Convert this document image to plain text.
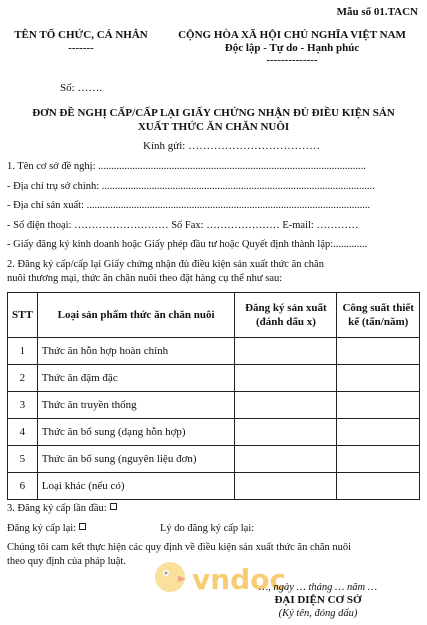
Mẫu số 01.TACN
TÊN TỔ CHỨC, CÁ NHÂN
-------
CỘNG HÒA XÃ HỘI CHỦ NGHĨA VIỆT NAM
Độc lập - Tự do - Hạnh phúc
--------------
Số: …….
ĐƠN ĐỀ NGHỊ CẤP/CẤP LẠI GIẤY CHỨNG NHẬN ĐỦ ĐIỀU KIỆN SẢN
XUẤT THỨC ĂN CHĂN NUÔI
Kính gửi: ………………………………
1. Tên cơ sở đề nghị: ......................................................................................................
- Địa chỉ trụ sở chính: ........................................................................................................
- Địa chỉ sản xuất: ............................................................................................................
- Số điện thoại: ……………………… Số Fax: ………………… E-mail: …………
- Giấy đăng ký kinh doanh hoặc Giấy phép đầu tư hoặc Quyết định thành lập:.............
2. Đăng ký cấp/cấp lại Giấy chứng nhận đủ điều kiện sản xuất thức ăn chăn
nuôi thương mại, thức ăn chăn nuôi theo đặt hàng cụ thể như sau:
STT	Loại sản phẩm thức ăn chăn nuôi	Đăng ký sản xuất
(đánh dấu x)	Công suất thiết
kế (tấn/năm)
1	Thức ăn hỗn hợp hoàn chỉnh		
2	Thức ăn đậm đặc		
3	Thức ăn truyền thống		
4	Thức ăn bổ sung (dạng hỗn hợp)		
5	Thức ăn bổ sung (nguyên liệu đơn)		
6	Loại khác (nếu có)		
3. Đăng ký cấp lần đầu:
Đăng ký cấp lại:	Lý do đăng ký cấp lại:
Chúng tôi cam kết thực hiện các quy định về điều kiện sản xuất thức ăn chăn nuôi
theo quy định của pháp luật.
vndoc
…, ngày … tháng … năm …
ĐẠI DIỆN CƠ SỞ
(Ký tên, đóng dấu)
